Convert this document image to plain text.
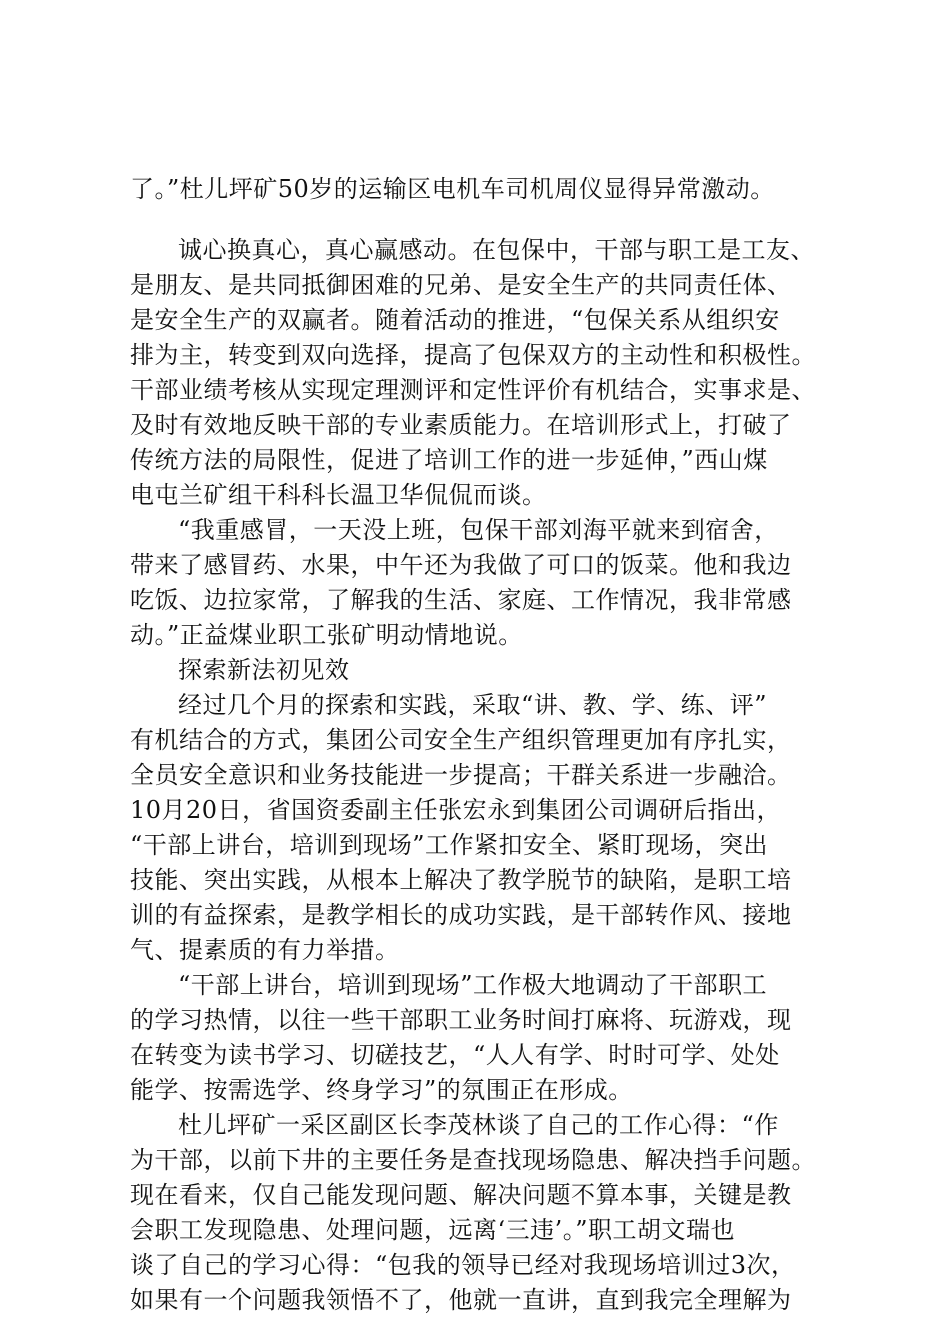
了。”杜儿坪矿50岁的运输区电机车司机周仪显得异常激动。
诚心换真心，真心赢感动。在包保中，干部与职工是工友、
是朋友、是共同抵御困难的兄弟、是安全生产的共同责任体、
是安全生产的双赢者。随着活动的推进，“包保关系从组织安
排为主，转变到双向选择，提高了包保双方的主动性和积极性。
干部业绩考核从实现定理测评和定性评价有机结合，实事求是、
及时有效地反映干部的专业素质能力。在培训形式上，打破了
传统方法的局限性，促进了培训工作的进一步延伸，”西山煤
电屯兰矿组干科科长温卫华侃侃而谈。
“我重感冒，一天没上班，包保干部刘海平就来到宿舍，
带来了感冒药、水果，中午还为我做了可口的饭菜。他和我边
吃饭、边拉家常，了解我的生活、家庭、工作情况，我非常感
动。”正益煤业职工张矿明动情地说。
探索新法初见效
经过几个月的探索和实践，采取“讲、教、学、练、评”
有机结合的方式，集团公司安全生产组织管理更加有序扎实，
全员安全意识和业务技能进一步提高；干群关系进一步融洽。
10月20日，省国资委副主任张宏永到集团公司调研后指出，
“干部上讲台，培训到现场”工作紧扣安全、紧盯现场，突出
技能、突出实践，从根本上解决了教学脱节的缺陷，是职工培
训的有益探索，是教学相长的成功实践，是干部转作风、接地
气、提素质的有力举措。
“干部上讲台，培训到现场”工作极大地调动了干部职工
的学习热情，以往一些干部职工业务时间打麻将、玩游戏，现
在转变为读书学习、切磋技艺，“人人有学、时时可学、处处
能学、按需选学、终身学习”的氛围正在形成。
杜儿坪矿一采区副区长李茂林谈了自己的工作心得：“作
为干部，以前下井的主要任务是查找现场隐患、解决挡手问题。
现在看来，仅自己能发现问题、解决问题不算本事，关键是教
会职工发现隐患、处理问题，远离‘三违’。”职工胡文瑞也
谈了自己的学习心得：“包我的领导已经对我现场培训过3次，
如果有一个问题我领悟不了，他就一直讲，直到我完全理解为
